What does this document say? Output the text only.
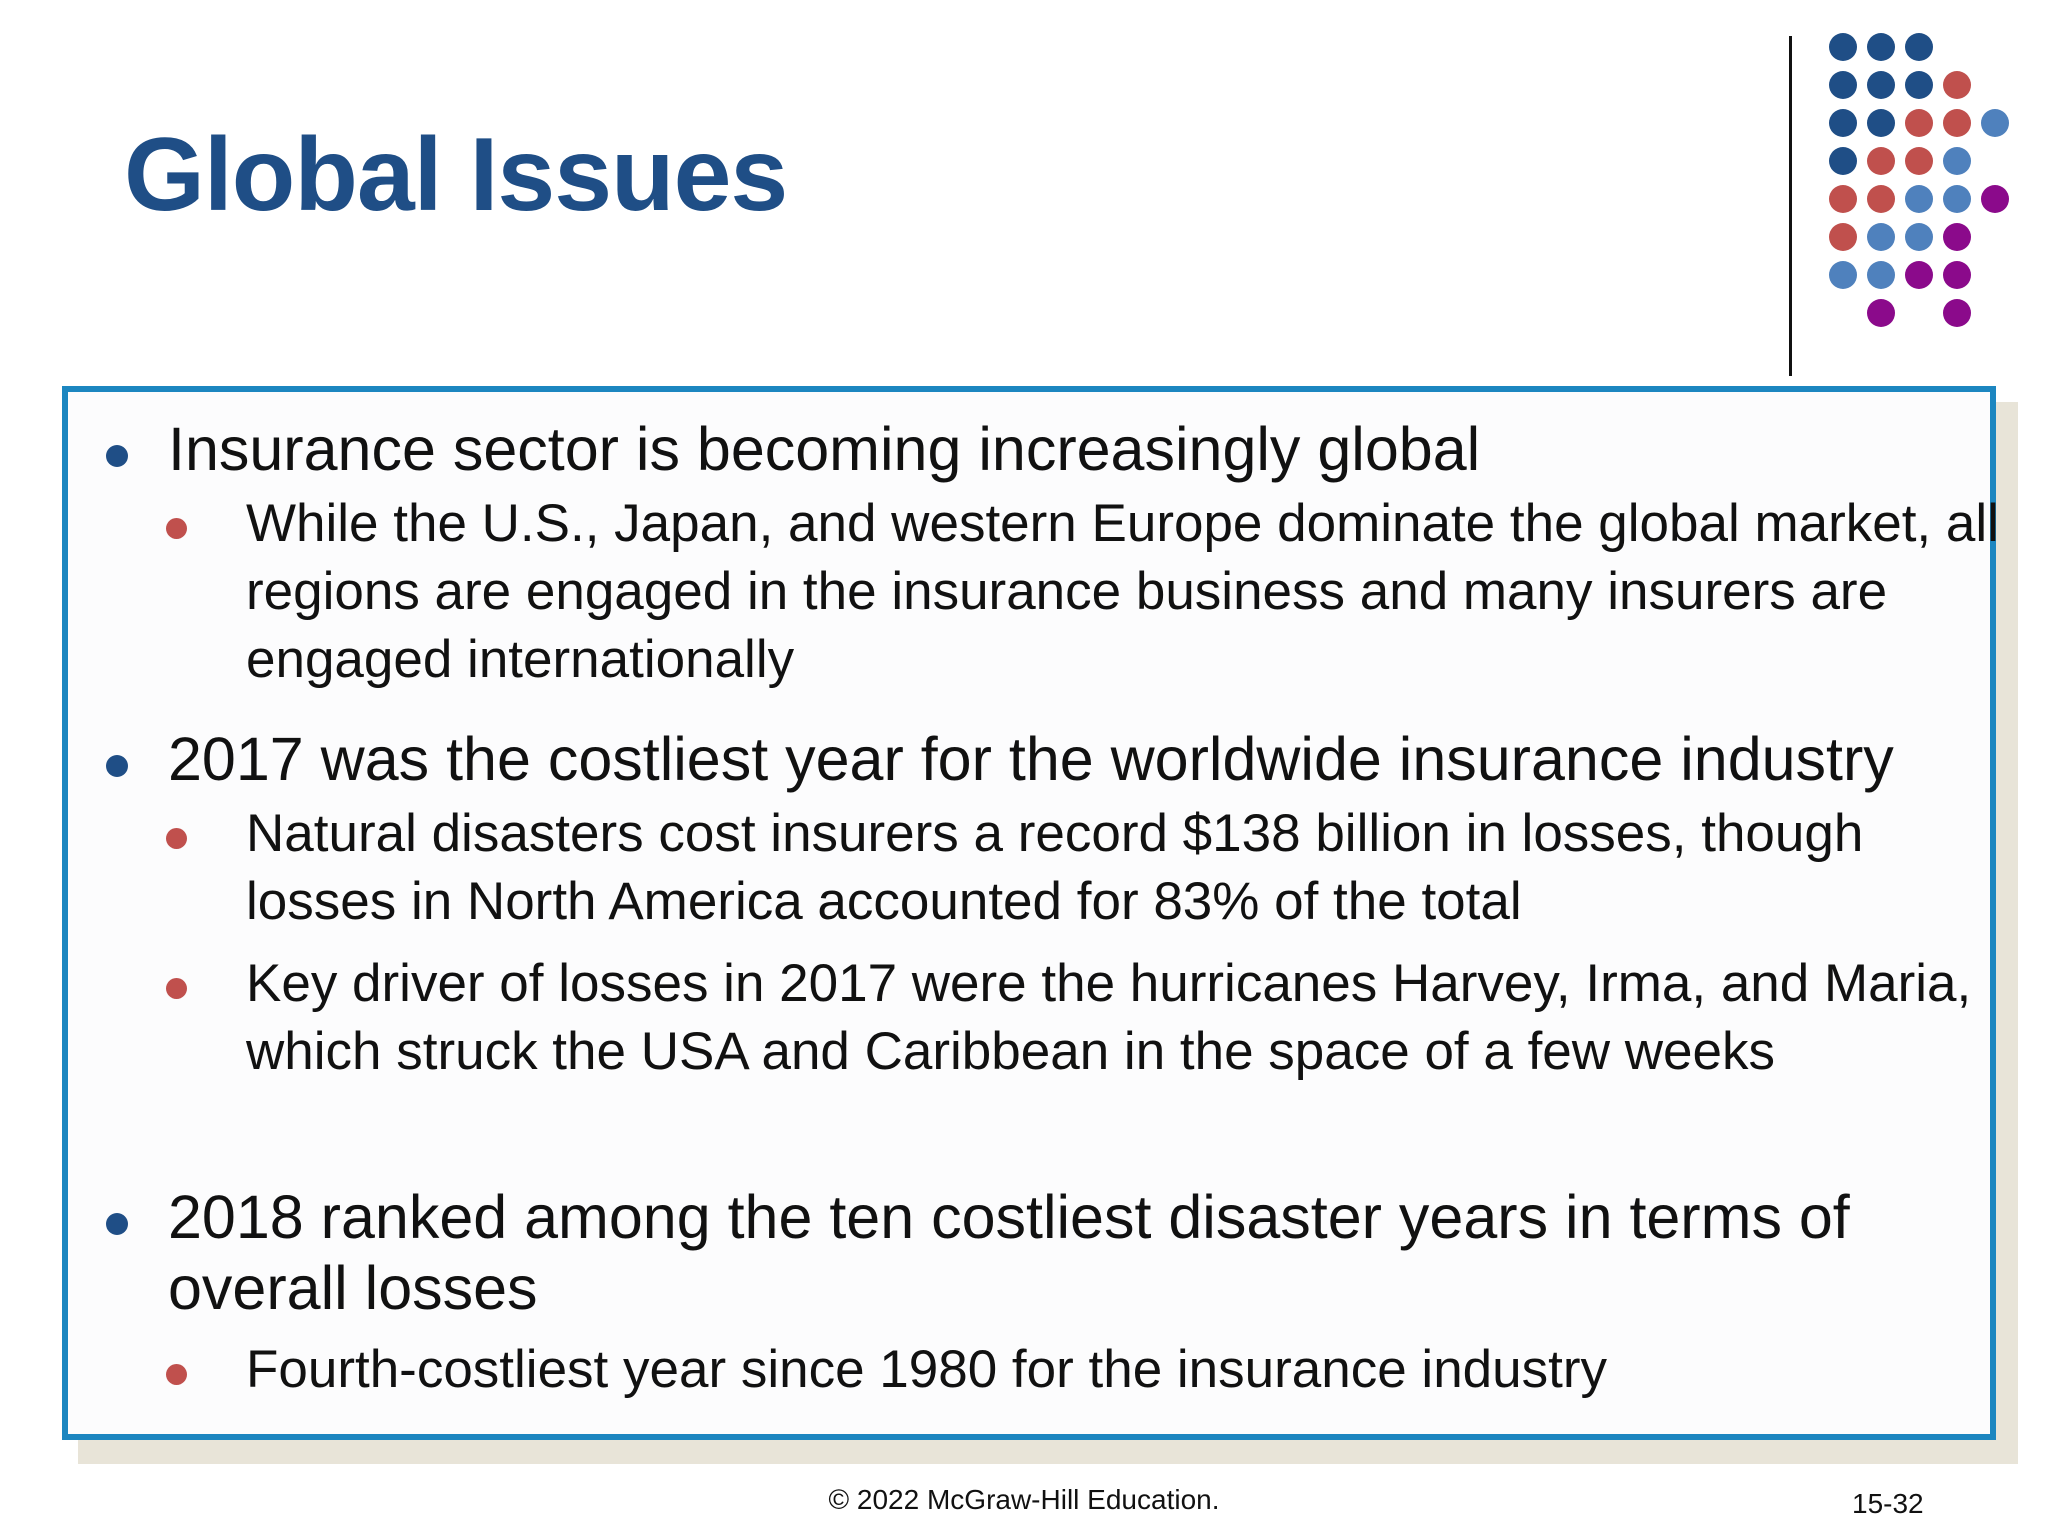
Global Issues
Insurance sector is becoming increasingly global
While the U.S., Japan, and western Europe dominate the global market, all regions are engaged in the insurance business and many insurers are engaged internationally
2017 was the costliest year for the worldwide insurance industry
Natural disasters cost insurers a record $138 billion in losses, though losses in North America accounted for 83% of the total
Key driver of losses in 2017 were the hurricanes Harvey, Irma, and Maria, which struck the USA and Caribbean in the space of a few weeks
2018 ranked among the ten costliest disaster years in terms of overall losses
Fourth-costliest year since 1980 for the insurance industry
© 2022 McGraw-Hill Education.	15-32
